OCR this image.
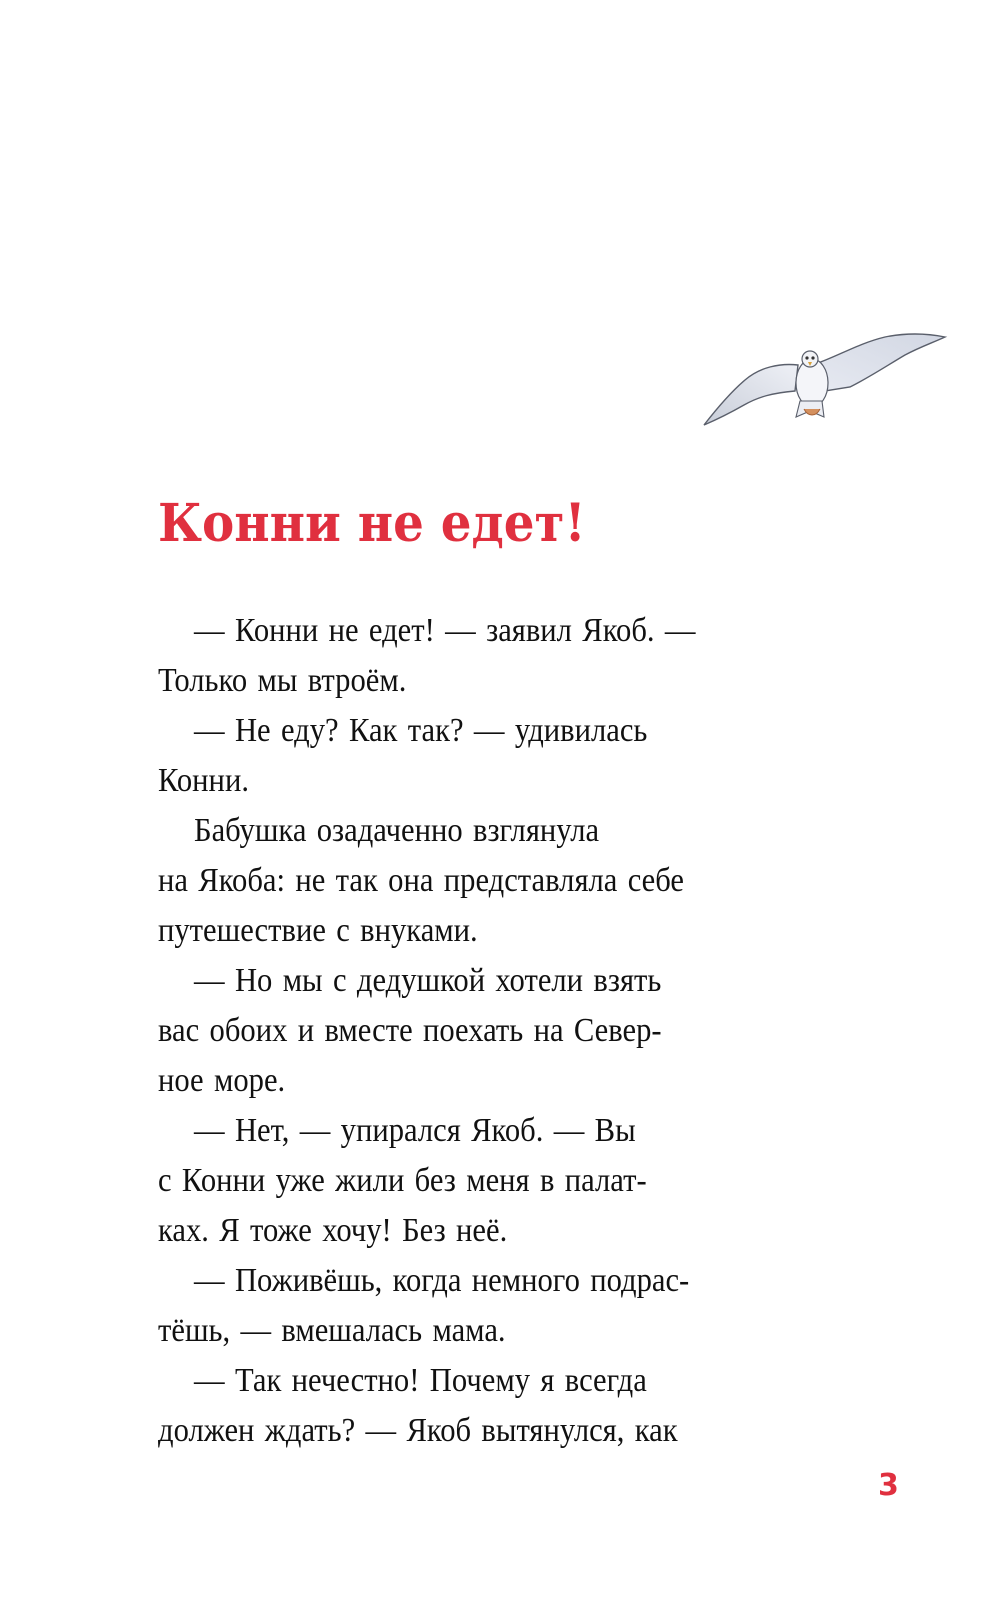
Конни не едет!
— Конни не едет! — заявил Якоб. —
Только мы втроём.
— Не еду? Как так? — удивилась
Конни.
Бабушка озадаченно взглянула
на Якоба: не так она представляла себе
путешествие с внуками.
— Но мы с дедушкой хотели взять
вас обоих и вместе поехать на Север-
ное море.
— Нет, — упирался Якоб. — Вы
с Конни уже жили без меня в палат-
ках. Я тоже хочу! Без неё.
— Поживёшь, когда немного подрас-
тёшь, — вмешалась мама.
— Так нечестно! Почему я всегда
должен ждать? — Якоб вытянулся, как
3
